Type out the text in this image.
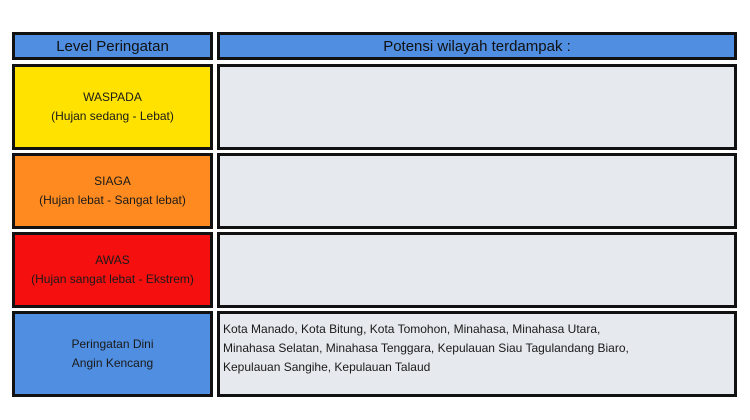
Level Peringatan	Potensi wilayah terdampak :
WASPADA
(Hujan sedang - Lebat)
SIAGA
(Hujan lebat - Sangat lebat)
AWAS
(Hujan sangat lebat - Ekstrem)
Peringatan Dini
Angin Kencang

Kota Manado, Kota Bitung, Kota Tomohon, Minahasa, Minahasa Utara,

Minahasa Selatan, Minahasa Tenggara, Kepulauan Siau Tagulandang Biaro,

Kepulauan Sangihe, Kepulauan Talaud
